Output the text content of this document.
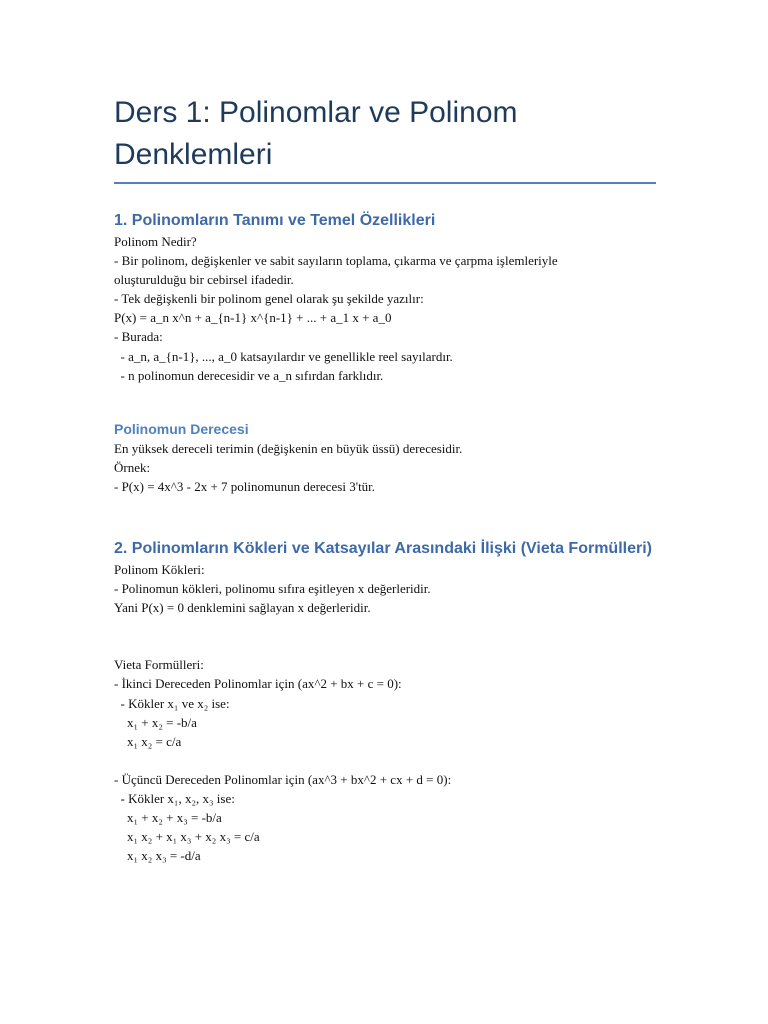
Ders 1: Polinomlar ve Polinom Denklemleri
1. Polinomların Tanımı ve Temel Özellikleri

Polinom Nedir?

- Bir polinom, değişkenler ve sabit sayıların toplama, çıkarma ve çarpma işlemleriyle

oluşturulduğu bir cebirsel ifadedir.

- Tek değişkenli bir polinom genel olarak şu şekilde yazılır:

P(x) = a_n x^n + a_{n-1} x^{n-1} + ... + a_1 x + a_0

- Burada:

- a_n, a_{n-1}, ..., a_0 katsayılardır ve genellikle reel sayılardır.

- n polinomun derecesidir ve a_n sıfırdan farklıdır.

Polinomun Derecesi

En yüksek dereceli terimin (değişkenin en büyük üssü) derecesidir.

Örnek:

- P(x) = 4x^3 - 2x + 7 polinomunun derecesi 3'tür.

2. Polinomların Kökleri ve Katsayılar Arasındaki İlişki (Vieta Formülleri)

Polinom Kökleri:

- Polinomun kökleri, polinomu sıfıra eşitleyen x değerleridir.

Yani P(x) = 0 denklemini sağlayan x değerleridir.

Vieta Formülleri:

- İkinci Dereceden Polinomlar için (ax^2 + bx + c = 0):

- Kökler x₁ ve x₂ ise:

x₁ + x₂ = -b/a

x₁ x₂ = c/a

- Üçüncü Dereceden Polinomlar için (ax^3 + bx^2 + cx + d = 0):

- Kökler x₁, x₂, x₃ ise:

x₁ + x₂ + x₃ = -b/a

x₁ x₂ + x₁ x₃ + x₂ x₃ = c/a

x₁ x₂ x₃ = -d/a
